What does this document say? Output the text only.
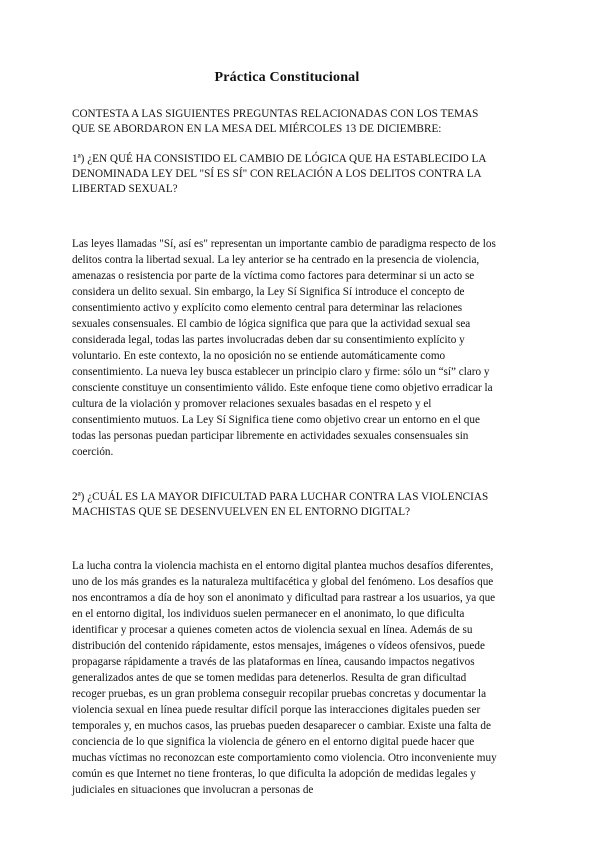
Práctica Constitucional

CONTESTA A LAS SIGUIENTES PREGUNTAS RELACIONADAS CON LOS TEMAS QUE SE ABORDARON EN LA MESA DEL MIÉRCOLES 13 DE DICIEMBRE:

1ª) ¿EN QUÉ HA CONSISTIDO EL CAMBIO DE LÓGICA QUE HA ESTABLECIDO LA DENOMINADA LEY DEL "SÍ ES SÍ" CON RELACIÓN A LOS DELITOS CONTRA LA LIBERTAD SEXUAL?

Las leyes llamadas "Sí, así es" representan un importante cambio de paradigma respecto de los delitos contra la libertad sexual. La ley anterior se ha centrado en la presencia de violencia, amenazas o resistencia por parte de la víctima como factores para determinar si un acto se considera un delito sexual. Sin embargo, la Ley Sí Significa Sí introduce el concepto de consentimiento activo y explícito como elemento central para determinar las relaciones sexuales consensuales. El cambio de lógica significa que para que la actividad sexual sea considerada legal, todas las partes involucradas deben dar su consentimiento explícito y voluntario. En este contexto, la no oposición no se entiende automáticamente como consentimiento. La nueva ley busca establecer un principio claro y firme: sólo un “sí” claro y consciente constituye un consentimiento válido. Este enfoque tiene como objetivo erradicar la cultura de la violación y promover relaciones sexuales basadas en el respeto y el consentimiento mutuos. La Ley Sí Significa tiene como objetivo crear un entorno en el que todas las personas puedan participar libremente en actividades sexuales consensuales sin coerción.

2ª) ¿CUÁL ES LA MAYOR DIFICULTAD PARA LUCHAR CONTRA LAS VIOLENCIAS MACHISTAS QUE SE DESENVUELVEN EN EL ENTORNO DIGITAL?

La lucha contra la violencia machista en el entorno digital plantea muchos desafíos diferentes, uno de los más grandes es la naturaleza multifacética y global del fenómeno. Los desafíos que nos encontramos a día de hoy son el anonimato y dificultad para rastrear a los usuarios, ya que en el entorno digital, los individuos suelen permanecer en el anonimato, lo que dificulta identificar y procesar a quienes cometen actos de violencia sexual en línea. Además de su distribución del contenido rápidamente, estos mensajes, imágenes o vídeos ofensivos, puede propagarse rápidamente a través de las plataformas en línea, causando impactos negativos generalizados antes de que se tomen medidas para detenerlos. Resulta de gran dificultad recoger pruebas, es un gran problema conseguir recopilar pruebas concretas y documentar la violencia sexual en línea puede resultar difícil porque las interacciones digitales pueden ser temporales y, en muchos casos, las pruebas pueden desaparecer o cambiar. Existe una falta de conciencia de lo que significa la violencia de género en el entorno digital puede hacer que muchas víctimas no reconozcan este comportamiento como violencia. Otro inconveniente muy común es que Internet no tiene fronteras, lo que dificulta la adopción de medidas legales y judiciales en situaciones que involucran a personas de
